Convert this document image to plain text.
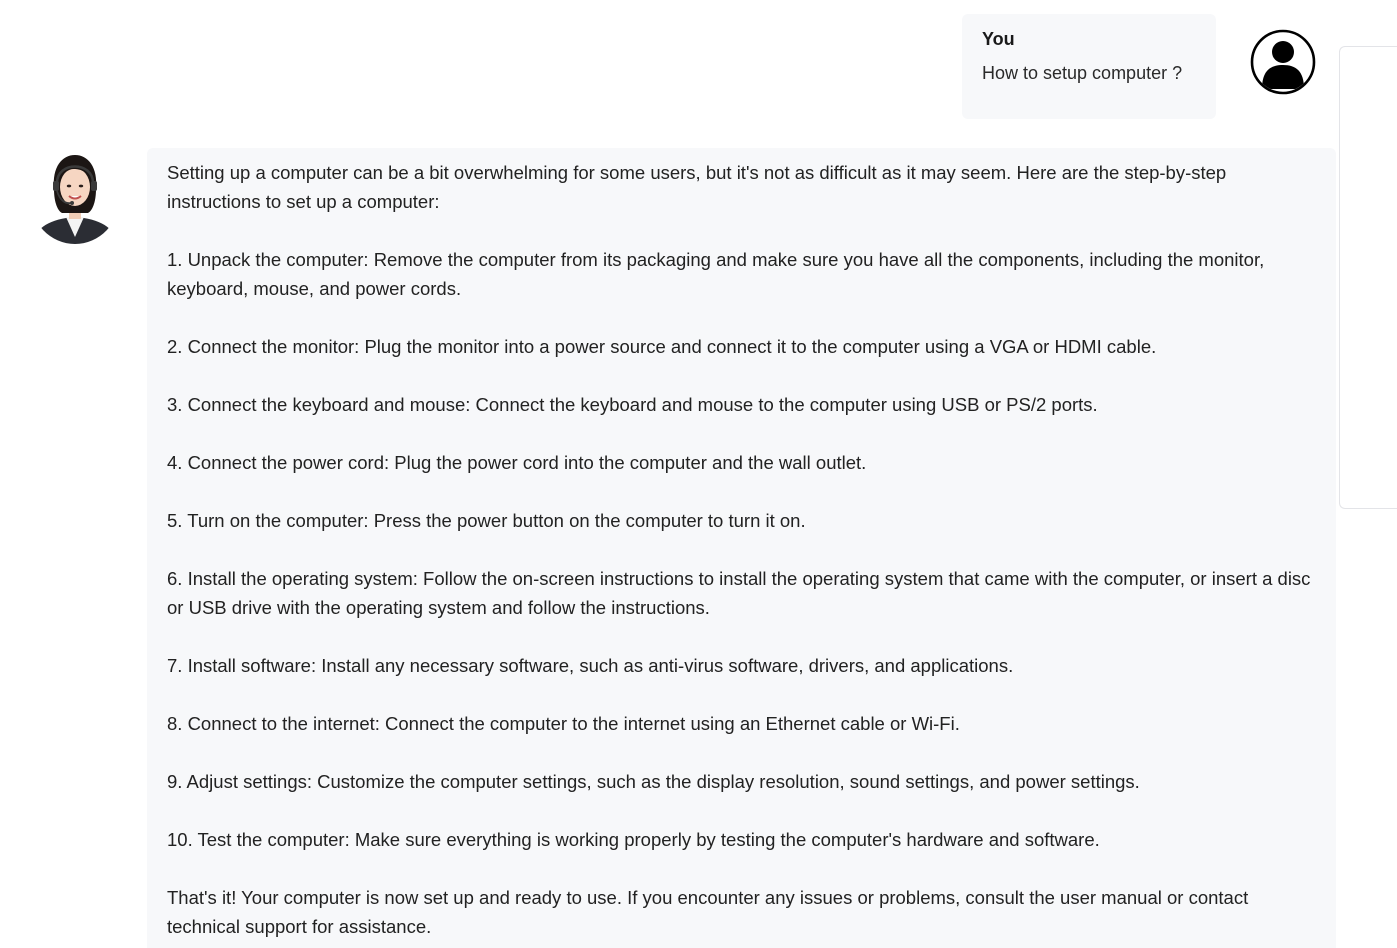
You
How to setup computer ?

Setting up a computer can be a bit overwhelming for some users, but it's not as difficult as it may seem. Here are the step-by-step instructions to set up a computer:

1. Unpack the computer: Remove the computer from its packaging and make sure you have all the components, including the monitor, keyboard, mouse, and power cords.

2. Connect the monitor: Plug the monitor into a power source and connect it to the computer using a VGA or HDMI cable.

3. Connect the keyboard and mouse: Connect the keyboard and mouse to the computer using USB or PS/2 ports.

4. Connect the power cord: Plug the power cord into the computer and the wall outlet.

5. Turn on the computer: Press the power button on the computer to turn it on.

6. Install the operating system: Follow the on-screen instructions to install the operating system that came with the computer, or insert a disc or USB drive with the operating system and follow the instructions.

7. Install software: Install any necessary software, such as anti-virus software, drivers, and applications.

8. Connect to the internet: Connect the computer to the internet using an Ethernet cable or Wi-Fi.

9. Adjust settings: Customize the computer settings, such as the display resolution, sound settings, and power settings.

10. Test the computer: Make sure everything is working properly by testing the computer's hardware and software.

That's it! Your computer is now set up and ready to use. If you encounter any issues or problems, consult the user manual or contact technical support for assistance.
